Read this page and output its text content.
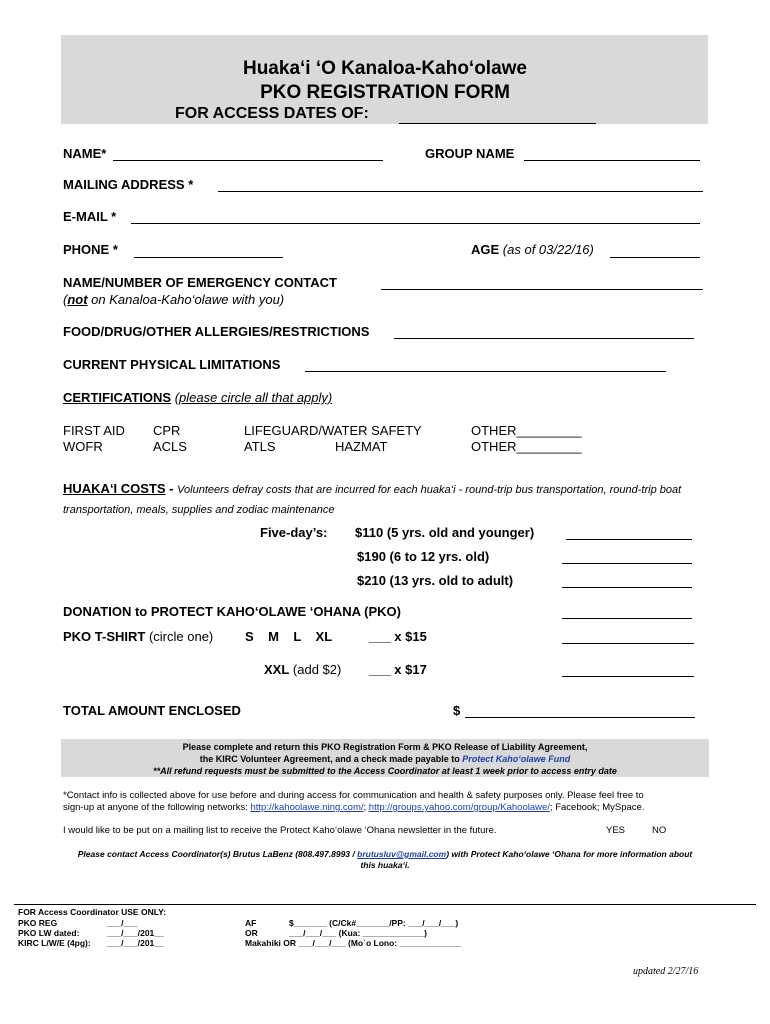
Huaka‘i ‘O Kanaloa-Kaho‘olawe
PKO REGISTRATION FORM
FOR ACCESS DATES OF:
NAME*	GROUP NAME
MAILING ADDRESS *
E-MAIL *
PHONE *	AGE (as of 03/22/16)
NAME/NUMBER OF EMERGENCY CONTACT
(not on Kanaloa-Kaho‘olawe with you)
FOOD/DRUG/OTHER ALLERGIES/RESTRICTIONS
CURRENT PHYSICAL LIMITATIONS
CERTIFICATIONS (please circle all that apply)
FIRST AID CPR	LIFEGUARD/WATER SAFETY	OTHER_________
WOFR	ACLS	ATLS	HAZMAT	OTHER_________
HUAKA‘I COSTS - Volunteers defray costs that are incurred for each huaka‘i - round-trip bus transportation, round-trip boat
transportation, meals, supplies and zodiac maintenance
Five-day’s: $110 (5 yrs. old and younger)
$190 (6 to 12 yrs. old)
$210 (13 yrs. old to adult)
DONATION to PROTECT KAHO‘OLAWE ‘OHANA (PKO)
PKO T-SHIRT (circle one) S    M    L    XL	___ x $15
XXL (add $2) ___ x $17
TOTAL AMOUNT ENCLOSED	$
Please complete and return this PKO Registration Form & PKO Release of Liability Agreement,
the KIRC Volunteer Agreement, and a check made payable to Protect Kaho‘olawe Fund
**All refund requests must be submitted to the Access Coordinator at least 1 week prior to access entry date
*Contact info is collected above for use before and during access for communication and health & safety purposes only. Please feel free to
sign-up at anyone of the following networks: http://kahoolawe.ning.com/; http://groups.yahoo.com/group/Kahoolawe/; Facebook; MySpace.
I would like to be put on a mailing list to receive the Protect Kaho‘olawe ‘Ohana newsletter in the future.	YES	NO
Please contact Access Coordinator(s) Brutus LaBenz (808.497.8993 / brutusluv@gmail.com) with Protect Kaho‘olawe ‘Ohana for more information about
this huaka‘i.
FOR Access Coordinator USE ONLY:
PKO REG	___/___
PKO LW dated:	___/___/201__
KIRC L/W/E (4pg): ___/___/201__
AF	$_______ (C/Ck#_______/PP: ___/___/___)
OR	___/___/___ (Kua: _____________)
Makahiki OR ___/___/___ (Mo`o Lono: _____________
updated 2/27/16
